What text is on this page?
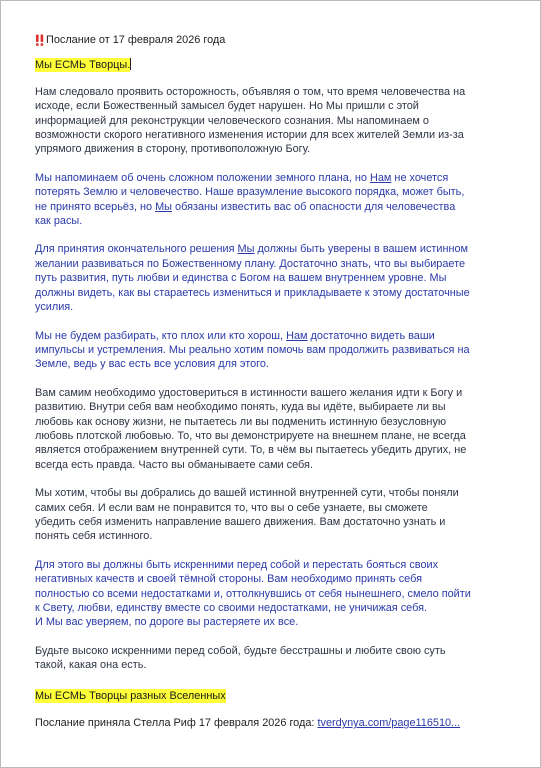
Послание от 17 февраля 2026 года

Мы ЕСМЬ Творцы.

Нам следовало проявить осторожность, объявляя о том, что время человечества на
исходе, если Божественный замысел будет нарушен. Но Мы пришли с этой
информацией для реконструкции человеческого сознания. Мы напоминаем о
возможности скорого негативного изменения истории для всех жителей Земли из-за
упрямого движения в сторону, противоположную Богу.
Мы напоминаем об очень сложном положении земного плана, но Нам не хочется
потерять Землю и человечество. Наше вразумление высокого порядка, может быть,
не принято всерьёз, но Мы обязаны известить вас об опасности для человечества
как расы.
Для принятия окончательного решения Мы должны быть уверены в вашем истинном
желании развиваться по Божественному плану. Достаточно знать, что вы выбираете
путь развития, путь любви и единства с Богом на вашем внутреннем уровне. Мы
должны видеть, как вы стараетесь измениться и прикладываете к этому достаточные
усилия.
Мы не будем разбирать, кто плох или кто хорош, Нам достаточно видеть ваши
импульсы и устремления. Мы реально хотим помочь вам продолжить развиваться на
Земле, ведь у вас есть все условия для этого.
Вам самим необходимо удостовериться в истинности вашего желания идти к Богу и
развитию. Внутри себя вам необходимо понять, куда вы идёте, выбираете ли вы
любовь как основу жизни, не пытаетесь ли вы подменить истинную безусловную
любовь плотской любовью. То, что вы демонстрируете на внешнем плане, не всегда
является отображением внутренней сути. То, в чём вы пытаетесь убедить других, не
всегда есть правда. Часто вы обманываете сами себя.
Мы хотим, чтобы вы добрались до вашей истинной внутренней сути, чтобы поняли
самих себя. И если вам не понравится то, что вы о себе узнаете, вы сможете
убедить себя изменить направление вашего движения. Вам достаточно узнать и
понять себя истинного.
Для этого вы должны быть искренними перед собой и перестать бояться своих
негативных качеств и своей тёмной стороны. Вам необходимо принять себя
полностью со всеми недостатками и, оттолкнувшись от себя нынешнего, смело пойти
к Свету, любви, единству вместе со своими недостатками, не уничижая себя.
И Мы вас уверяем, по дороге вы растеряете их все.
Будьте высоко искренними перед собой, будьте бесстрашны и любите свою суть
такой, какая она есть.

Мы ЕСМЬ Творцы разных Вселенных

Послание приняла Стелла Риф 17 февраля 2026 года: tverdynya.com/page116510...
